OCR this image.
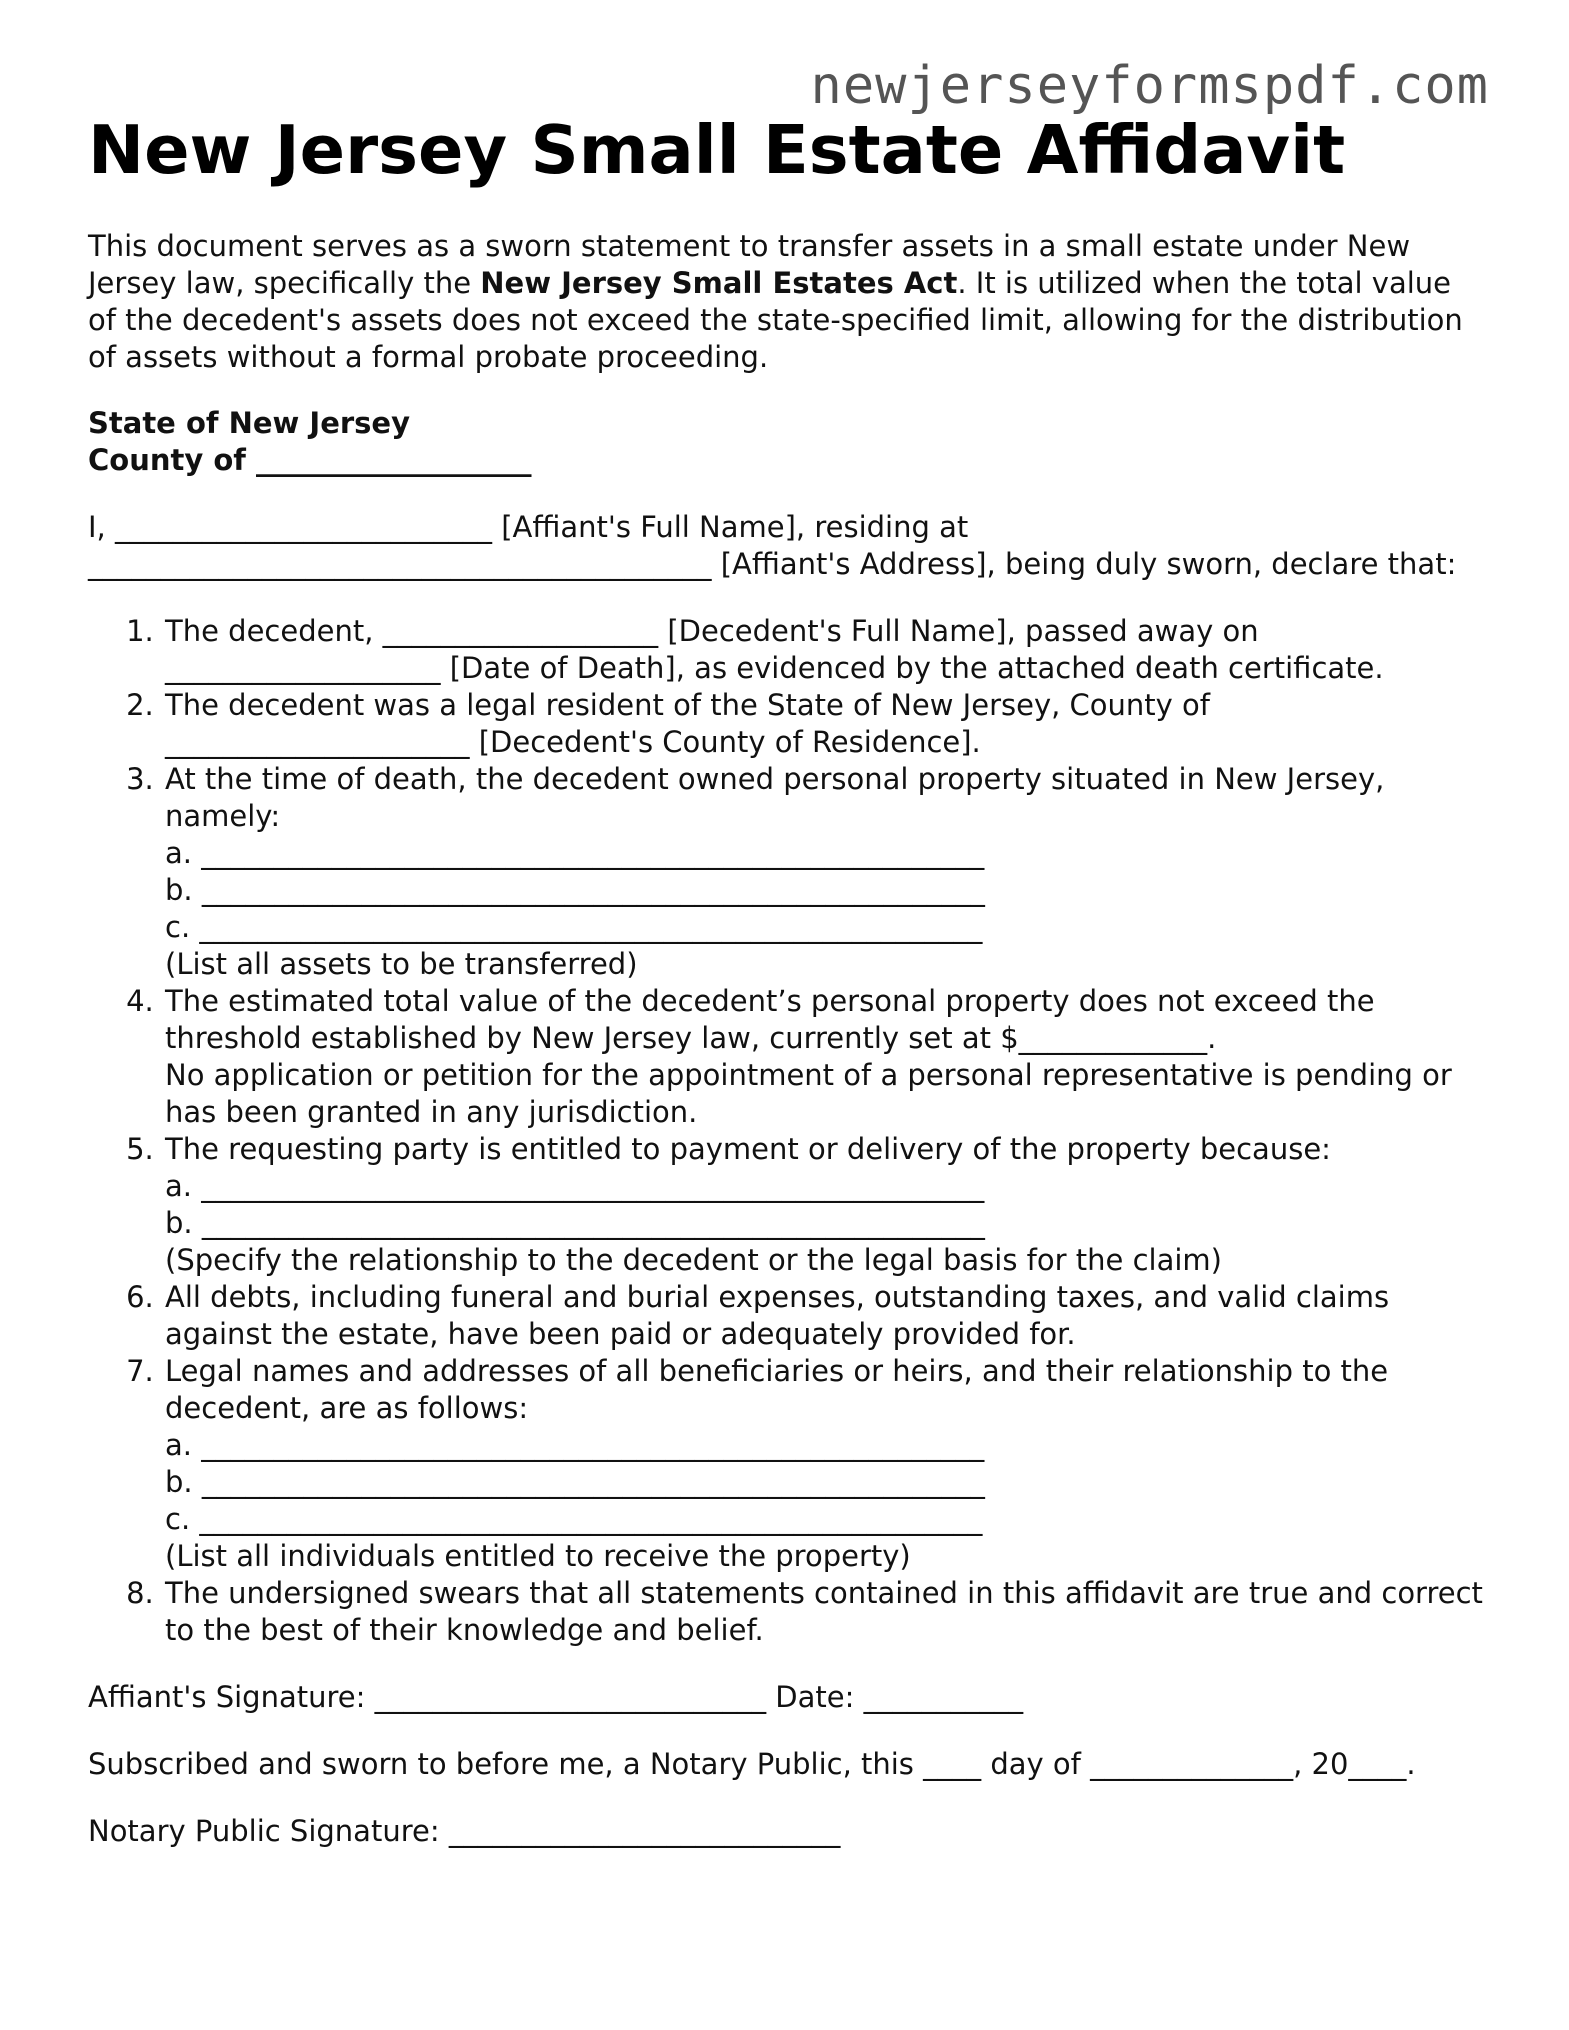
newjerseyformspdf.com
New Jersey Small Estate Affidavit
This document serves as a sworn statement to transfer assets in a small estate under New Jersey law, specifically the New Jersey Small Estates Act. It is utilized when the total value of the decedent's assets does not exceed the state-specified limit, allowing for the distribution of assets without a formal probate proceeding.
State of New Jersey
County of ___________________
I, __________________________ [Affiant's Full Name], residing at
___________________________________________ [Affiant's Address], being duly sworn, declare that:
1. The decedent, ___________________ [Decedent's Full Name], passed away on
___________________ [Date of Death], as evidenced by the attached death certificate.
2. The decedent was a legal resident of the State of New Jersey, County of
_____________________ [Decedent's County of Residence].
3. At the time of death, the decedent owned personal property situated in New Jersey, namely:
a. ______________________________________________________
b. ______________________________________________________
c. ______________________________________________________
(List all assets to be transferred)
4. The estimated total value of the decedent’s personal property does not exceed the threshold established by New Jersey law, currently set at $_____________.
No application or petition for the appointment of a personal representative is pending or has been granted in any jurisdiction.
5. The requesting party is entitled to payment or delivery of the property because:
a. ______________________________________________________
b. ______________________________________________________
(Specify the relationship to the decedent or the legal basis for the claim)
6. All debts, including funeral and burial expenses, outstanding taxes, and valid claims against the estate, have been paid or adequately provided for.
7. Legal names and addresses of all beneficiaries or heirs, and their relationship to the decedent, are as follows:
a. ______________________________________________________
b. ______________________________________________________
c. ______________________________________________________
(List all individuals entitled to receive the property)
8. The undersigned swears that all statements contained in this affidavit are true and correct to the best of their knowledge and belief.
Affiant's Signature: ___________________________ Date: ___________
Subscribed and sworn to before me, a Notary Public, this ____ day of ______________, 20____.
Notary Public Signature: ___________________________
